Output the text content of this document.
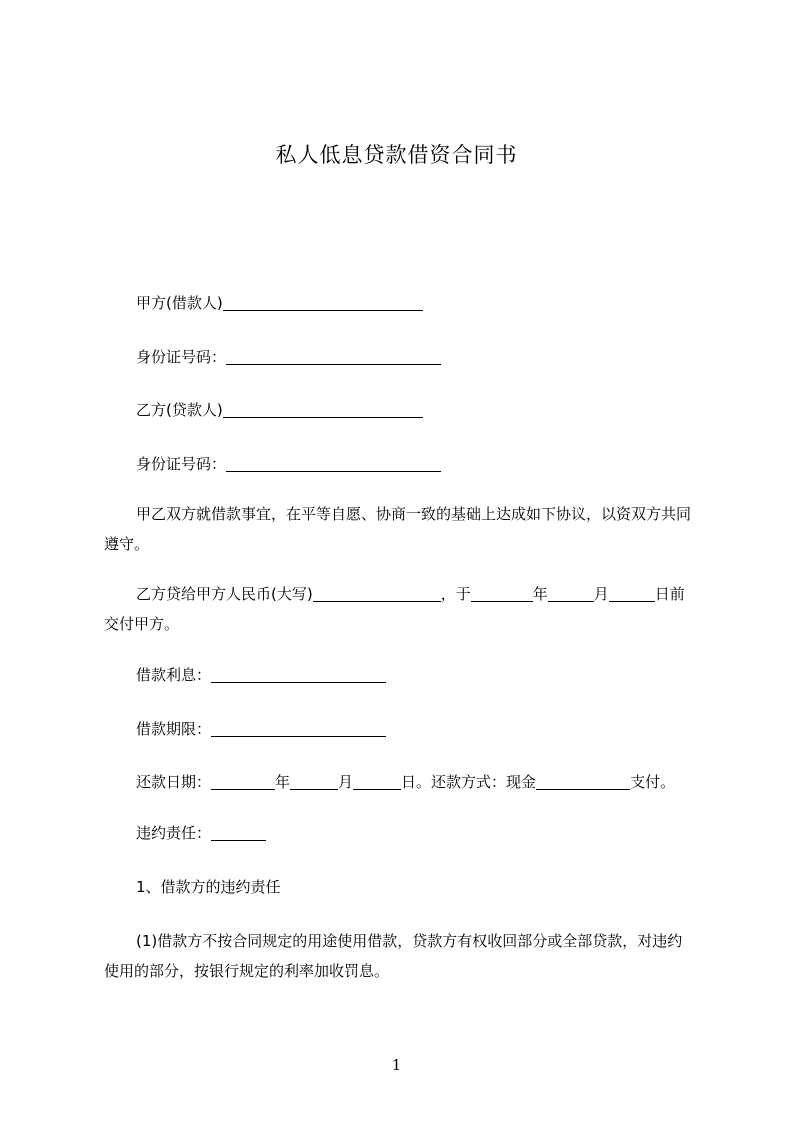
私人低息贷款借资合同书
甲方(借款人)
身份证号码：
乙方(贷款人)
身份证号码：
甲乙双方就借款事宜，在平等自愿、协商一致的基础上达成如下协议，以资双方共同遵守。
乙方贷给甲方人民币(大写)	，于	年	月	日前交付甲方。
借款利息：
借款期限：
还款日期：	年	月	日。还款方式：现金	支付。
违约责任：
1、借款方的违约责任
(1)借款方不按合同规定的用途使用借款，贷款方有权收回部分或全部贷款，对违约使用的部分，按银行规定的利率加收罚息。
1
